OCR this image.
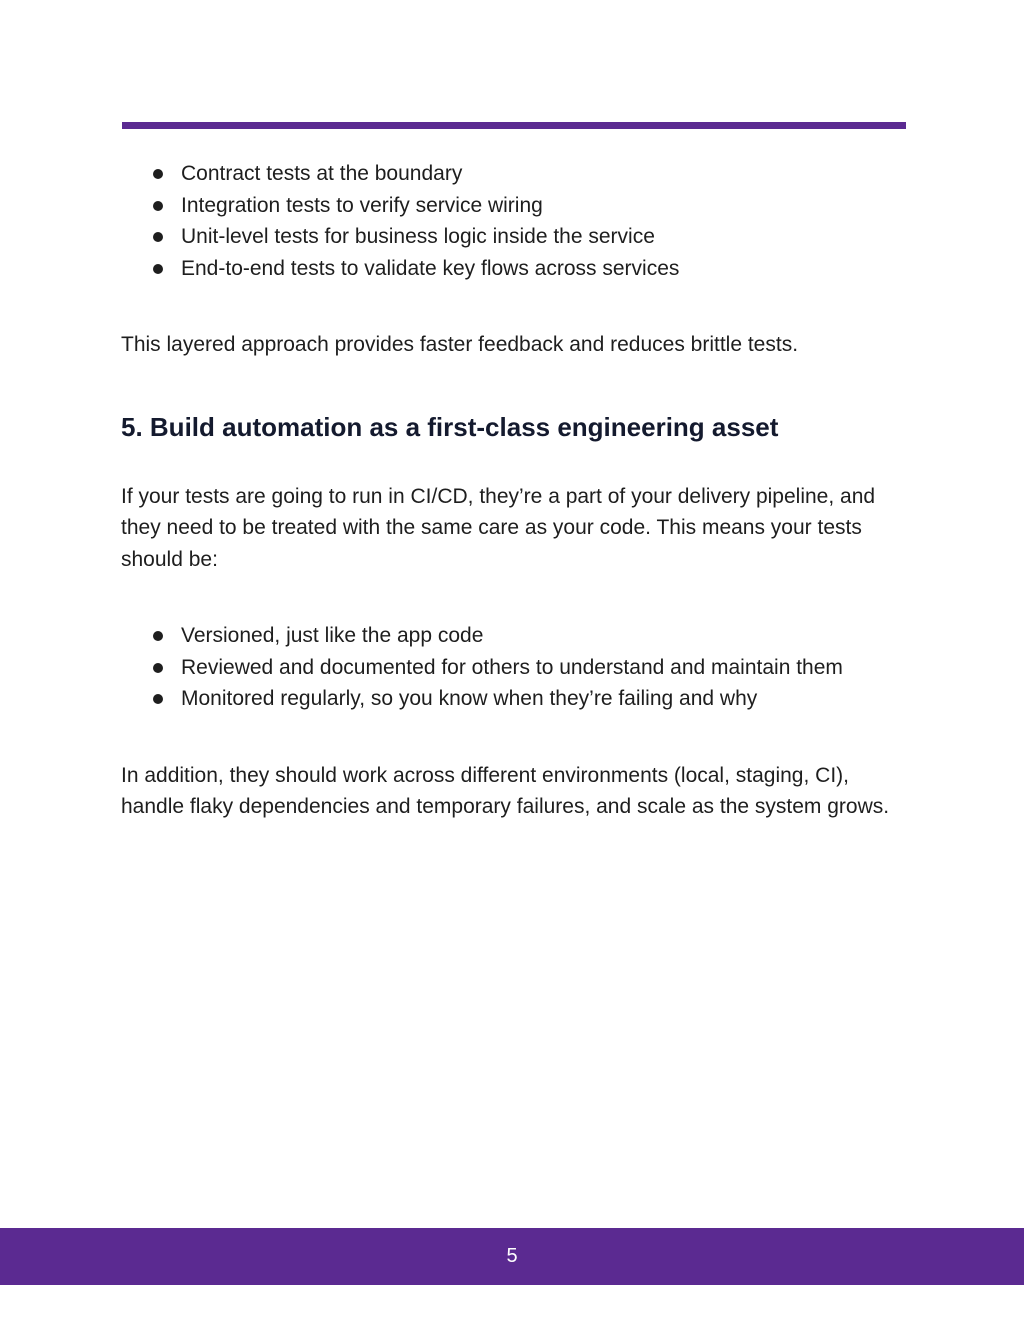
Contract tests at the boundary
Integration tests to verify service wiring
Unit-level tests for business logic inside the service
End-to-end tests to validate key flows across services

This layered approach provides faster feedback and reduces brittle tests.

5. Build automation as a first-class engineering asset

If your tests are going to run in CI/CD, they’re a part of your delivery pipeline, and they need to be treated with the same care as your code. This means your tests should be:

Versioned, just like the app code
Reviewed and documented for others to understand and maintain them
Monitored regularly, so you know when they’re failing and why

In addition, they should work across different environments (local, staging, CI), handle flaky dependencies and temporary failures, and scale as the system grows.

5
